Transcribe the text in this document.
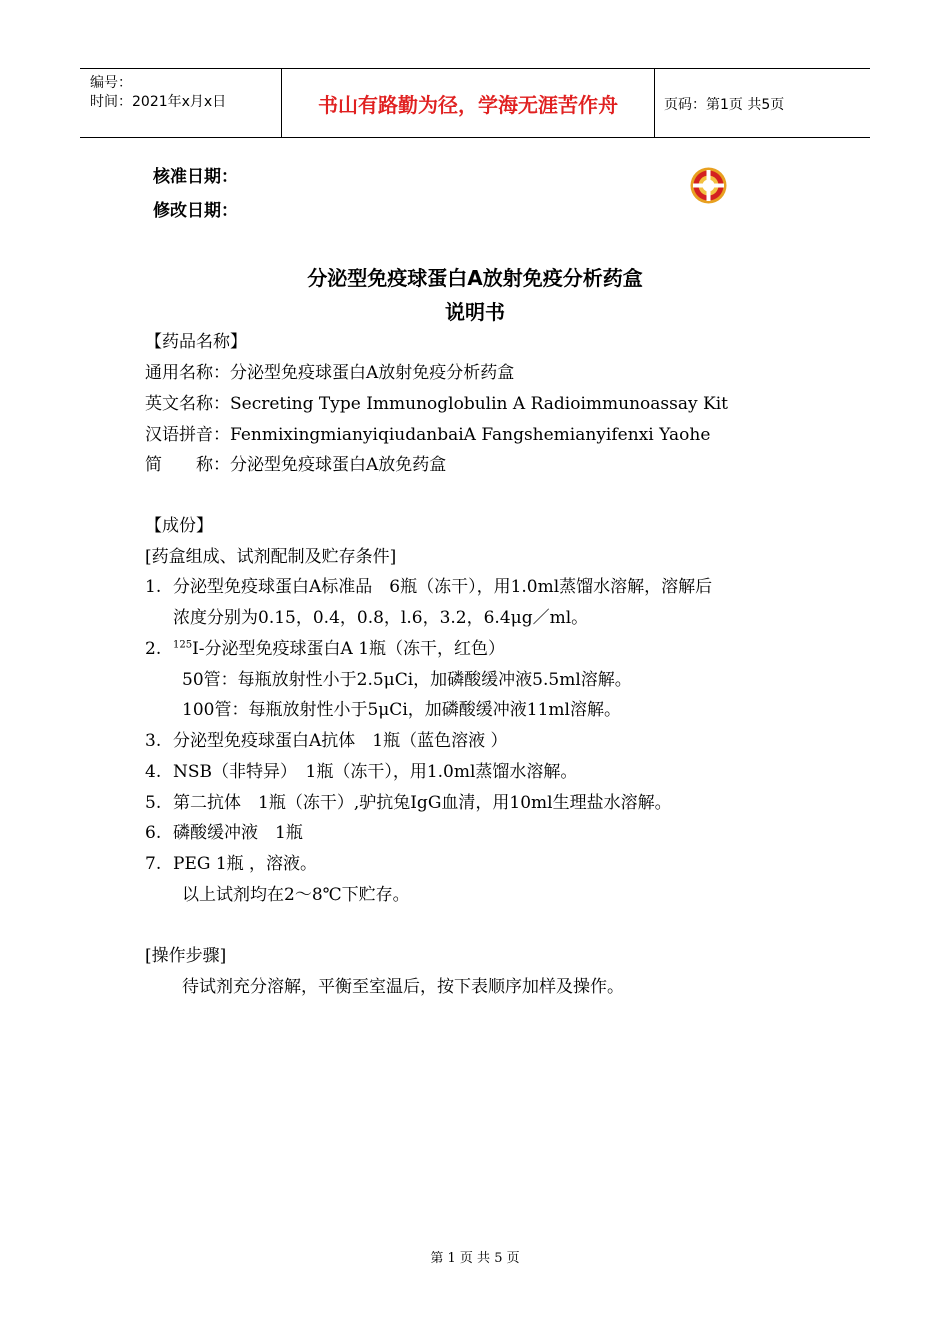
编号：
时间：2021年x月x日	书山有路勤为径，学海无涯苦作舟	页码：第1页 共5页
核准日期：
修改日期：
分泌型免疫球蛋白A放射免疫分析药盒
说明书
【药品名称】
通用名称：分泌型免疫球蛋白A放射免疫分析药盒
英文名称：Secreting Type Immunoglobulin A Radioimmunoassay Kit
汉语拼音：FenmixingmianyiqiudanbaiA Fangshemianyifenxi Yaohe
简　　称：分泌型免疫球蛋白A放免药盒
【成份】
[药盒组成、试剂配制及贮存条件]
1. 分泌型免疫球蛋白A标准品　6瓶（冻干），用1.0ml蒸馏水溶解，溶解后
浓度分别为0.15，0.4，0.8，l.6，3.2，6.4μg／ml。
2. $^{125}$I-分泌型免疫球蛋白A 1瓶（冻干，红色）
50管：每瓶放射性小于2.5μCi，加磷酸缓冲液5.5ml溶解。
100管：每瓶放射性小于5μCi，加磷酸缓冲液11ml溶解。
3. 分泌型免疫球蛋白A抗体　1瓶（蓝色溶液 ）
4. NSB（非特异）　1瓶（冻干），用1.0ml蒸馏水溶解。
5. 第二抗体　1瓶（冻干）,驴抗兔IgG血清，用10ml生理盐水溶解。
6. 磷酸缓冲液　1瓶
7. PEG 1瓶 ，溶液。
以上试剂均在2～8℃下贮存。
[操作步骤]
待试剂充分溶解，平衡至室温后，按下表顺序加样及操作。
第 1 页 共 5 页
